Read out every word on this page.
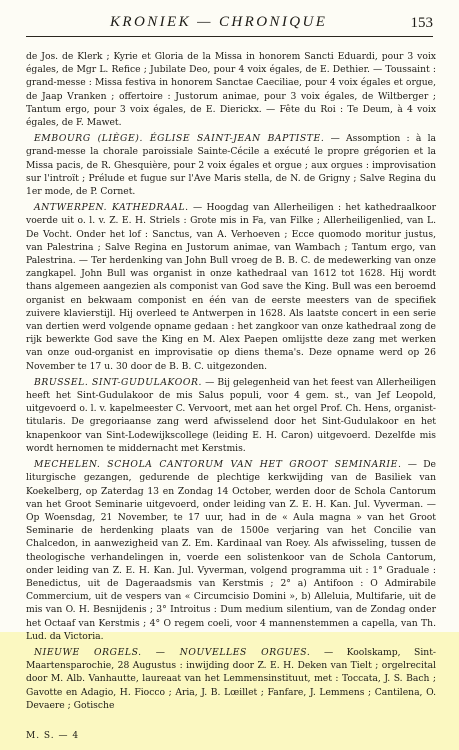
KRONIEK — CHRONIQUE	153

de Jos. de Klerk ; Kyrie et Gloria de la Missa in honorem Sancti Eduardi, pour 3 voix égales, de Mgr L. Refice ; Jubilate Deo, pour 4 voix égales, de E. Dethier. — Toussaint : grand-messe : Missa festiva in honorem Sanctae Caeciliae, pour 4 voix égales et orgue, de Jaap Vranken ; offertoire : Justorum animae, pour 3 voix égales, de Wiltberger ; Tantum ergo, pour 3 voix égales, de E. Dierickx. — Fête du Roi : Te Deum, à 4 voix égales, de F. Mawet.

EMBOURG (LIÈGE). ÉGLISE SAINT-JEAN BAPTISTE. — Assomption : à la grand-messe la chorale paroissiale Sainte-Cécile a exécuté le propre grégorien et la Missa pacis, de R. Ghesquière, pour 2 voix égales et orgue ; aux orgues : improvisation sur l'introït ; Prélude et fugue sur l'Ave Maris stella, de N. de Grigny ; Salve Regina du 1er mode, de P. Cornet.

ANTWERPEN. KATHEDRAAL. — Hoogdag van Allerheiligen : het kathedraalkoor voerde uit o. l. v. Z. E. H. Striels : Grote mis in Fa, van Filke ; Allerheiligenlied, van L. De Vocht. Onder het lof : Sanctus, van A. Verhoeven ; Ecce quomodo moritur justus, van Palestrina ; Salve Regina en Justorum animae, van Wambach ; Tantum ergo, van Palestrina. — Ter herdenking van John Bull vroeg de B. B. C. de medewerking van onze zangkapel. John Bull was organist in onze kathedraal van 1612 tot 1628. Hij wordt thans algemeen aangezien als componist van God save the King. Bull was een beroemd organist en bekwaam componist en één van de eerste meesters van de specifiek zuivere klavierstijl. Hij overleed te Antwerpen in 1628. Als laatste concert in een serie van dertien werd volgende opname gedaan : het zangkoor van onze kathedraal zong de rijk bewerkte God save the King en M. Alex Paepen omlijstte deze zang met werken van onze oud-organist en improvisatie op diens thema's. Deze opname werd op 26 November te 17 u. 30 door de B. B. C. uitgezonden.

BRUSSEL. SINT-GUDULAKOOR. — Bij gelegenheid van het feest van Allerheiligen heeft het Sint-Gudulakoor de mis Salus populi, voor 4 gem. st., van Jef Leopold, uitgevoerd o. l. v. kapelmeester C. Vervoort, met aan het orgel Prof. Ch. Hens, organist-titularis. De gregoriaanse zang werd afwisselend door het Sint-Gudulakoor en het knapenkoor van Sint-Lodewijkscollege (leiding E. H. Caron) uitgevoerd. Dezelfde mis wordt hernomen te middernacht met Kerstmis.

MECHELEN. SCHOLA CANTORUM VAN HET GROOT SEMINARIE. — De liturgische gezangen, gedurende de plechtige kerkwijding van de Basiliek van Koekelberg, op Zaterdag 13 en Zondag 14 October, werden door de Schola Cantorum van het Groot Seminarie uitgevoerd, onder leiding van Z. E. H. Kan. Jul. Vyverman. — Op Woensdag, 21 November, te 17 uur, had in de « Aula magna » van het Groot Seminarie de herdenking plaats van de 1500e verjaring van het Concilie van Chalcedon, in aanwezigheid van Z. Em. Kardinaal van Roey. Als afwisseling, tussen de theologische verhandelingen in, voerde een solistenkoor van de Schola Cantorum, onder leiding van Z. E. H. Kan. Jul. Vyverman, volgend programma uit : 1° Graduale : Benedictus, uit de Dageraadsmis van Kerstmis ; 2° a) Antifoon : O Admirabile Commercium, uit de vespers van « Circumcisio Domini », b) Alleluia, Multifarie, uit de mis van O. H. Besnijdenis ; 3° Introitus : Dum medium silentium, van de Zondag onder het Octaaf van Kerstmis ; 4° O regem coeli, voor 4 mannenstemmen a capella, van Th. Lud. da Victoria.

NIEUWE ORGELS. — NOUVELLES ORGUES. — Koolskamp, Sint-Maartensparochie, 28 Augustus : inwijding door Z. E. H. Deken van Tielt ; orgelrecital door M. Alb. Vanhautte, laureaat van het Lemmensinstituut, met : Toccata, J. S. Bach ; Gavotte en Adagio, H. Fiocco ; Aria, J. B. Lœillet ; Fanfare, J. Lemmens ; Cantilena, O. Devaere ; Gotische

M. S. — 4
